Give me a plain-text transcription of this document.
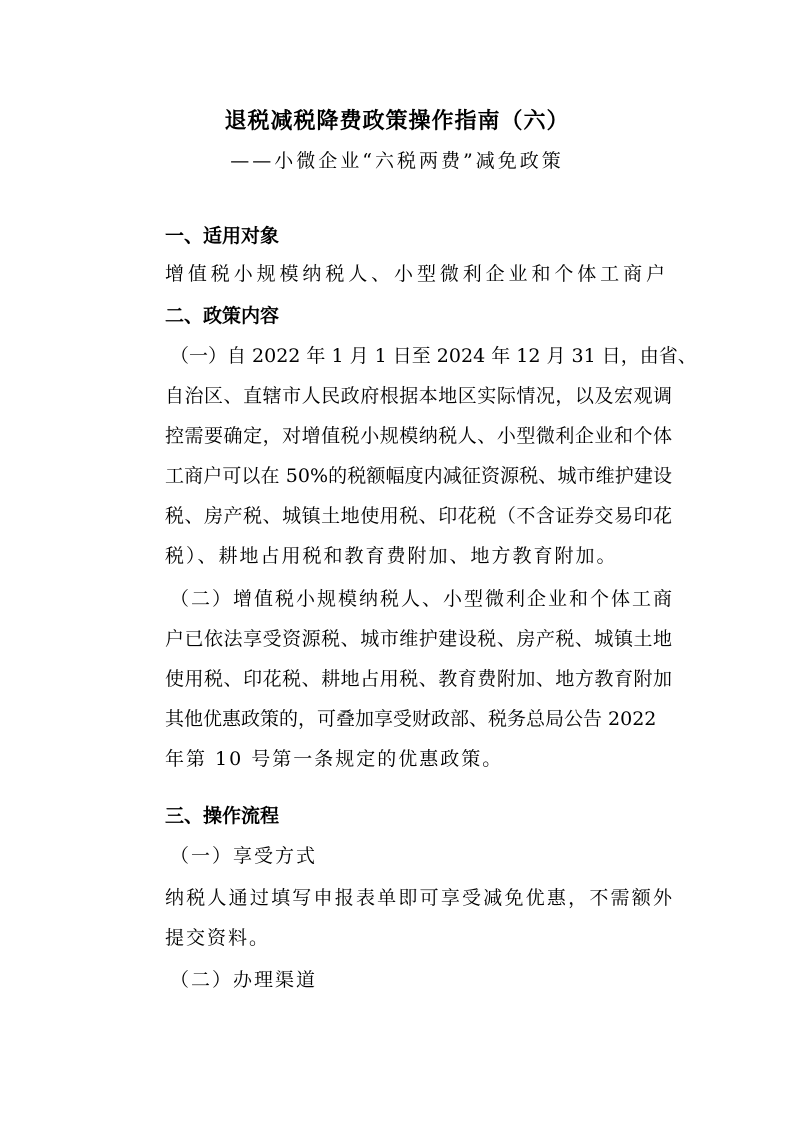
退税减税降费政策操作指南（六）
——小微企业“六税两费”减免政策
一、适用对象
增值税小规模纳税人、小型微利企业和个体工商户
二、政策内容
（一）自 2022 年 1 月 1 日至 2024 年 12 月 31 日，由省、
自治区、直辖市人民政府根据本地区实际情况，以及宏观调
控需要确定，对增值税小规模纳税人、小型微利企业和个体
工商户可以在 50%的税额幅度内减征资源税、城市维护建设
税、房产税、城镇土地使用税、印花税（不含证券交易印花
税）、耕地占用税和教育费附加、地方教育附加。
（二）增值税小规模纳税人、小型微利企业和个体工商
户已依法享受资源税、城市维护建设税、房产税、城镇土地
使用税、印花税、耕地占用税、教育费附加、地方教育附加
其他优惠政策的，可叠加享受财政部、税务总局公告 2022
年第 10 号第一条规定的优惠政策。
三、操作流程
（一）享受方式
纳税人通过填写申报表单即可享受减免优惠，不需额外
提交资料。
（二）办理渠道
